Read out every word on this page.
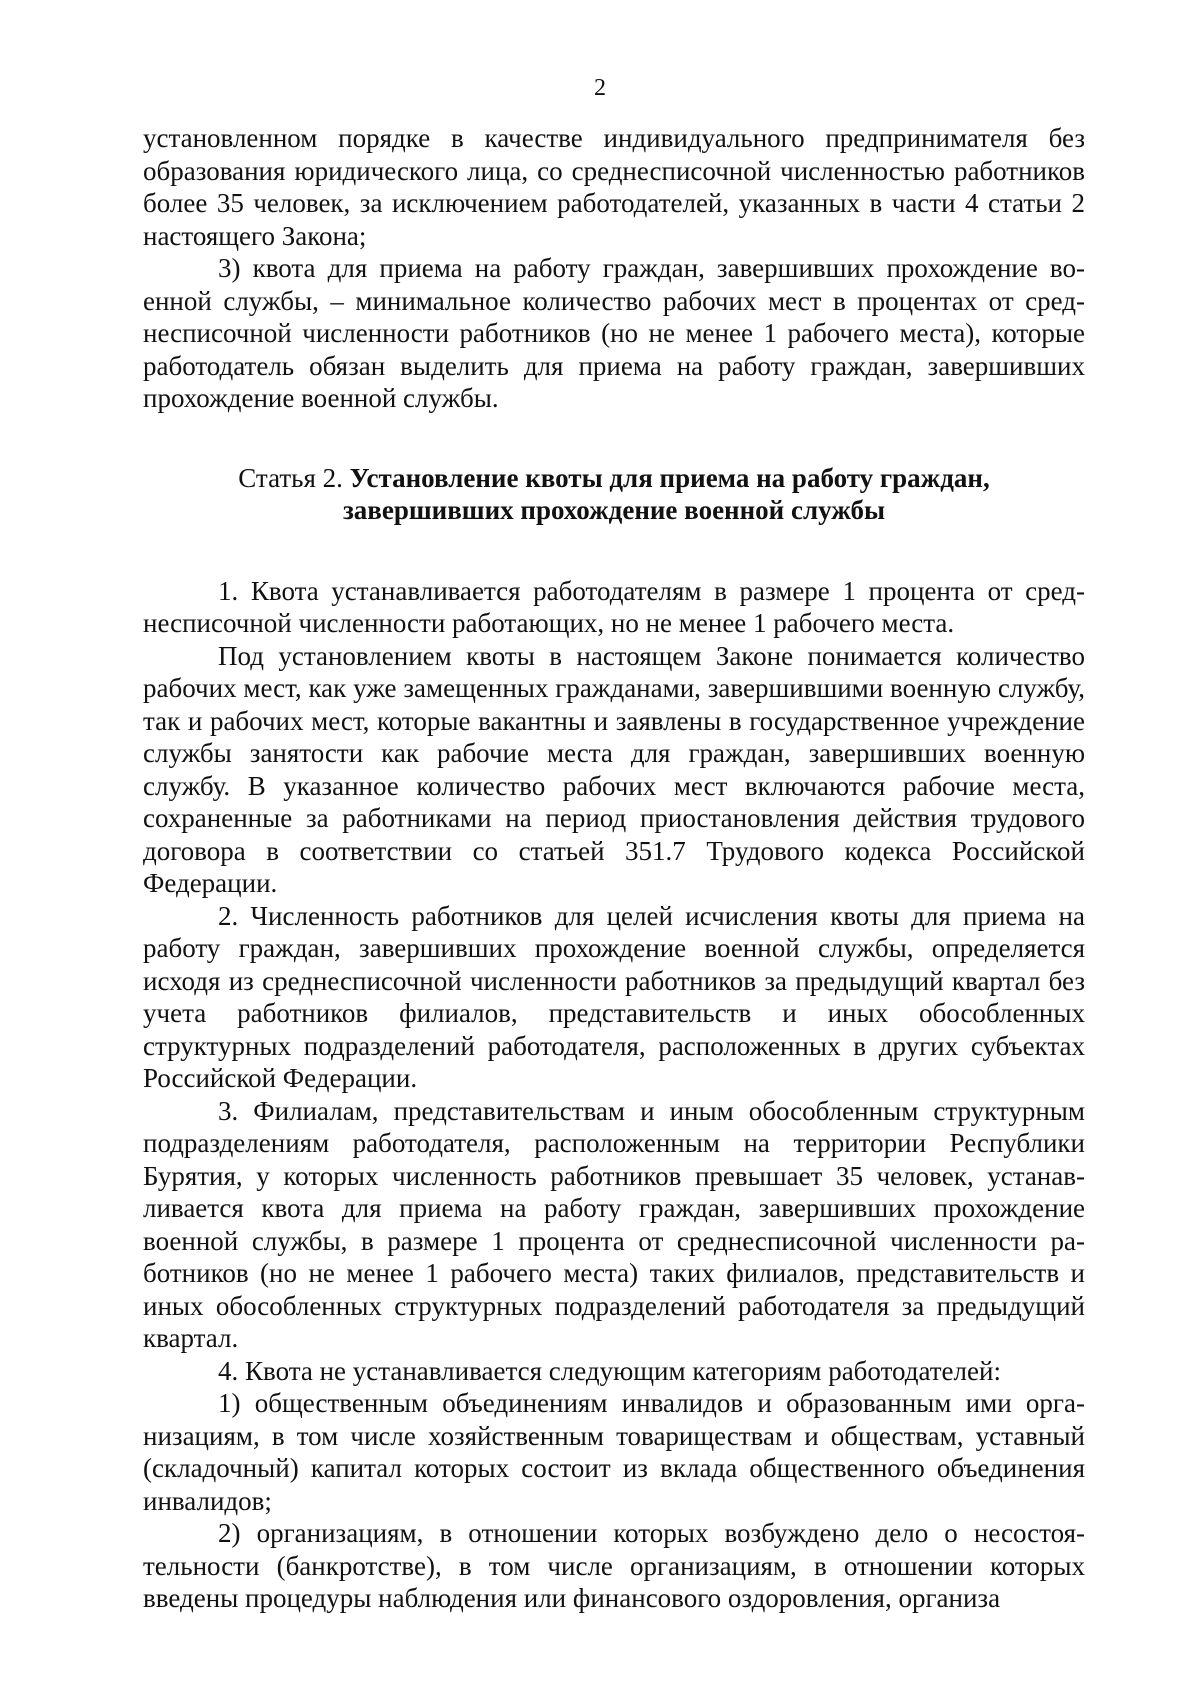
2

установленном порядке в качестве индивидуального предпринимателя без образования юридического лица, со среднесписочной численностью работников более 35 человек, за исключением работодателей, указанных в части 4 статьи 2 настоящего Закона;

3) квота для приема на работу граждан, завершивших прохождение военной службы, – минимальное количество рабочих мест в процентах от среднесписочной численности работников (но не менее 1 рабочего места), которые работодатель обязан выделить для приема на работу граждан, завершивших прохождение военной службы.

Статья 2. Установление квоты для приема на работу граждан,
завершивших прохождение военной службы

1. Квота устанавливается работодателям в размере 1 процента от среднесписочной численности работающих, но не менее 1 рабочего места.

Под установлением квоты в настоящем Законе понимается количество рабочих мест, как уже замещенных гражданами, завершившими военную службу, так и рабочих мест, которые вакантны и заявлены в государственное учреждение службы занятости как рабочие места для граждан, завершивших военную службу. В указанное количество рабочих мест включаются рабочие места, сохраненные за работниками на период приостановления действия трудового договора в соответствии со статьей 351.7 Трудового кодекса Российской Федерации.

2. Численность работников для целей исчисления квоты для приема на работу граждан, завершивших прохождение военной службы, определяется исходя из среднесписочной численности работников за предыдущий квартал без учета работников филиалов, представительств и иных обособленных структурных подразделений работодателя, расположенных в других субъектах Российской Федерации.

3. Филиалам, представительствам и иным обособленным структурным подразделениям работодателя, расположенным на территории Республики Бурятия, у которых численность работников превышает 35 человек, устанавливается квота для приема на работу граждан, завершивших прохождение военной службы, в размере 1 процента от среднесписочной численности работников (но не менее 1 рабочего места) таких филиалов, представительств и иных обособленных структурных подразделений работодателя за предыдущий квартал.

4. Квота не устанавливается следующим категориям работодателей:

1) общественным объединениям инвалидов и образованным ими организациям, в том числе хозяйственным товариществам и обществам, уставный (складочный) капитал которых состоит из вклада общественного объединения инвалидов;

2) организациям, в отношении которых возбуждено дело о несостоятельности (банкротстве), в том числе организациям, в отношении которых введены процедуры наблюдения или финансового оздоровления, организа
